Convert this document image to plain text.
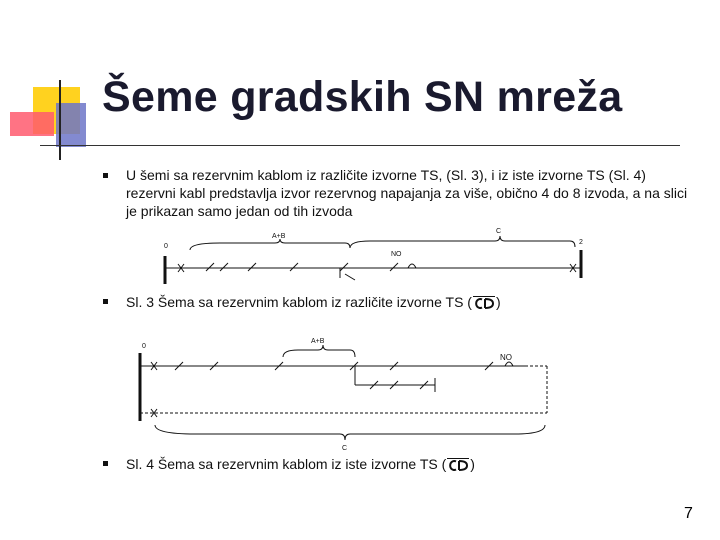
Šeme gradskih SN mreža
U šemi sa rezervnim kablom iz različite izvorne TS, (Sl. 3), i iz iste izvorne TS (Sl. 4) rezervni kabl predstavlja izvor rezervnog napajanja za više, obično 4 do 8 izvoda, a na slici je prikazan samo jedan od tih izvoda
0
A+B
C
NO
2
Sl. 3 Šema sa rezervnim kablom iz različite izvorne TS ( )
0
A+B
NO
C
Sl. 4 Šema sa rezervnim kablom iz iste izvorne TS ( )
7
